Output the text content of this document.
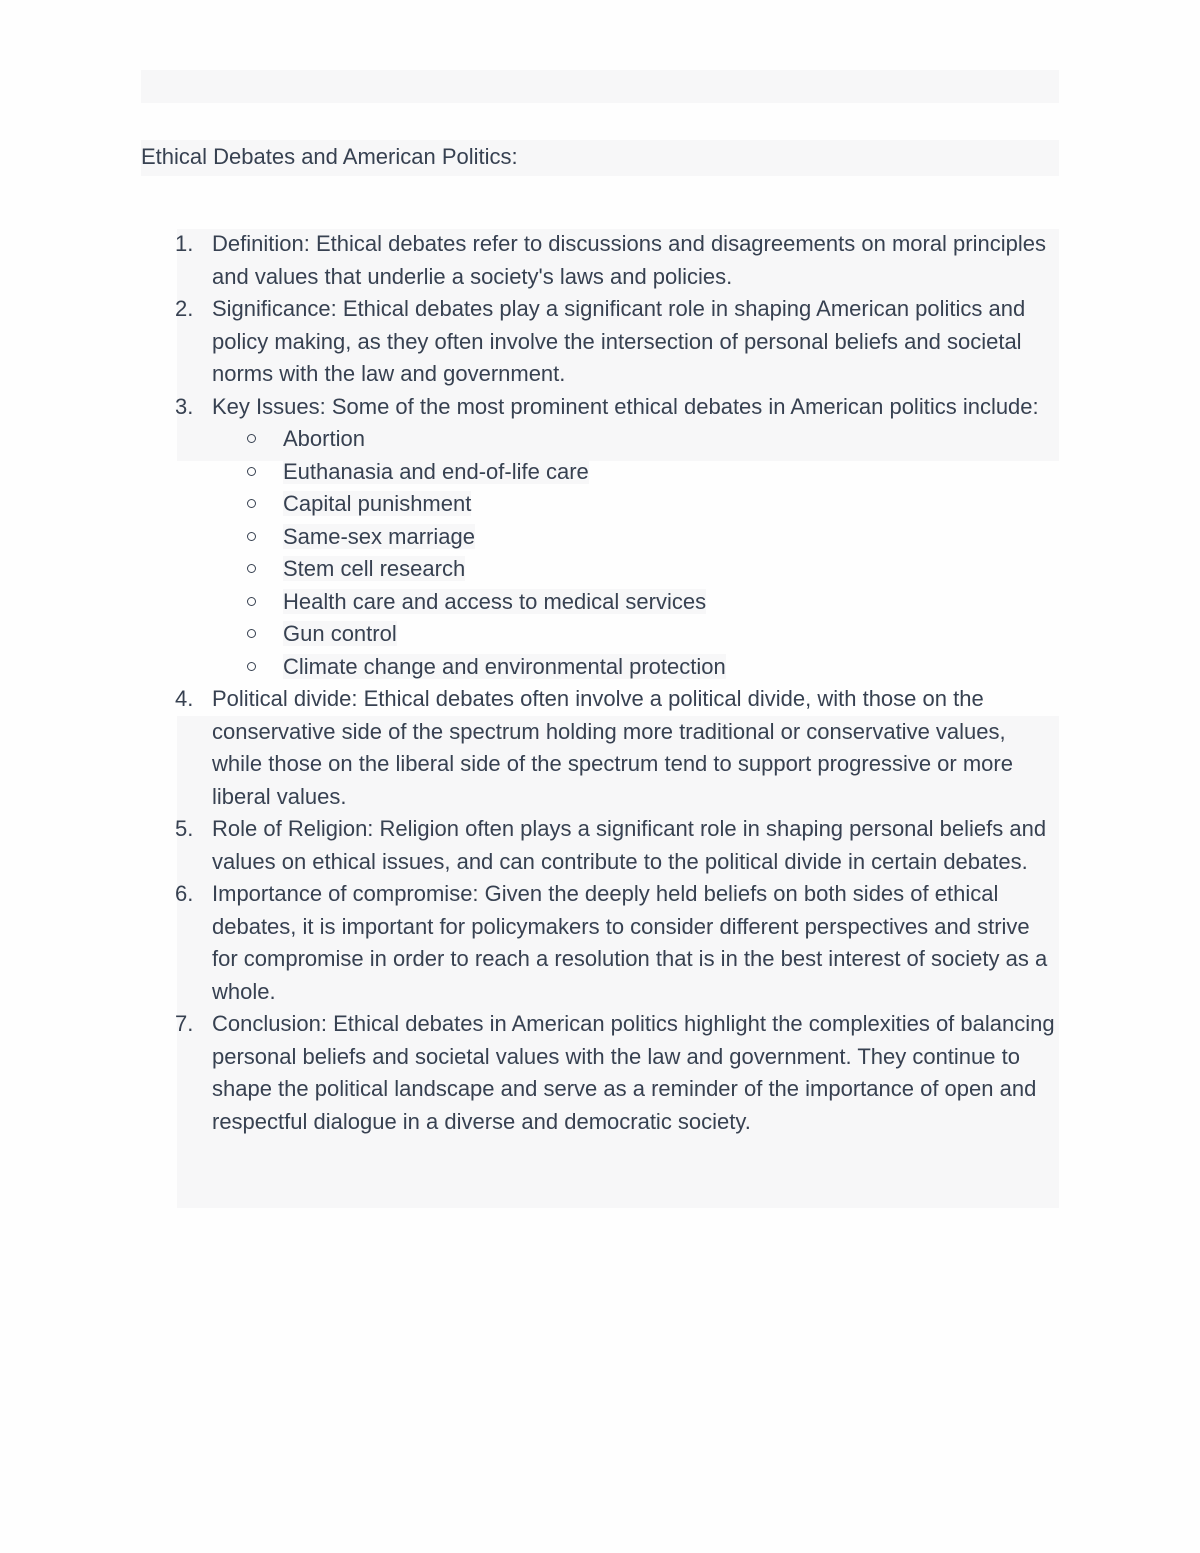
Ethical Debates and American Politics:
1. Definition: Ethical debates refer to discussions and disagreements on moral principles and values that underlie a society's laws and policies.
2. Significance: Ethical debates play a significant role in shaping American politics and policy making, as they often involve the intersection of personal beliefs and societal norms with the law and government.
3. Key Issues: Some of the most prominent ethical debates in American politics include:
Abortion
Euthanasia and end-of-life care
Capital punishment
Same-sex marriage
Stem cell research
Health care and access to medical services
Gun control
Climate change and environmental protection
4. Political divide: Ethical debates often involve a political divide, with those on the conservative side of the spectrum holding more traditional or conservative values, while those on the liberal side of the spectrum tend to support progressive or more liberal values.
5. Role of Religion: Religion often plays a significant role in shaping personal beliefs and values on ethical issues, and can contribute to the political divide in certain debates.
6. Importance of compromise: Given the deeply held beliefs on both sides of ethical debates, it is important for policymakers to consider different perspectives and strive for compromise in order to reach a resolution that is in the best interest of society as a whole.
7. Conclusion: Ethical debates in American politics highlight the complexities of balancing personal beliefs and societal values with the law and government. They continue to shape the political landscape and serve as a reminder of the importance of open and respectful dialogue in a diverse and democratic society.
